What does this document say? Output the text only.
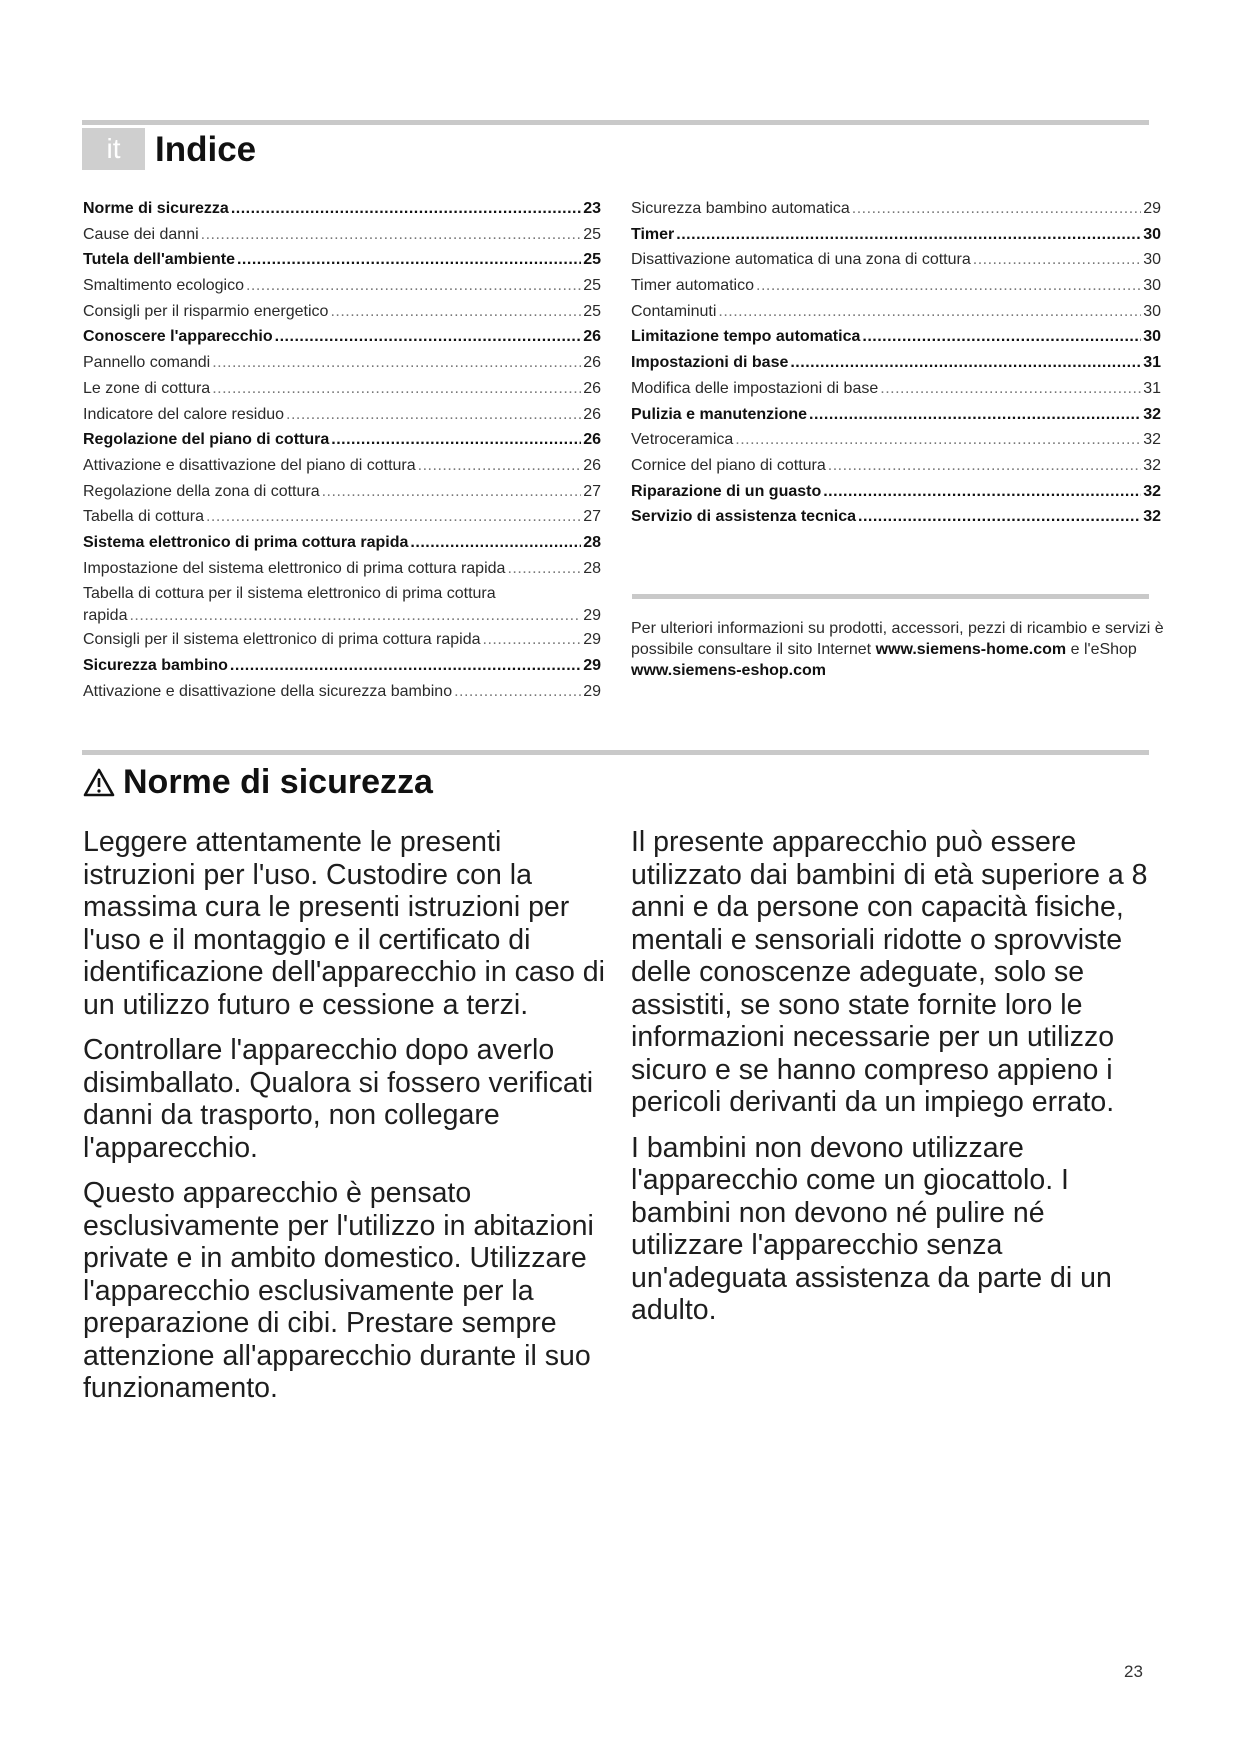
it Indice
Norme di sicurezza .....	23
Cause dei danni .....	25
Tutela dell'ambiente .....	25
Smaltimento ecologico .....	25
Consigli per il risparmio energetico .....	25
Conoscere l'apparecchio .....	26
Pannello comandi .....	26
Le zone di cottura .....	26
Indicatore del calore residuo .....	26
Regolazione del piano di cottura .....	26
Attivazione e disattivazione del piano di cottura .....	26
Regolazione della zona di cottura .....	27
Tabella di cottura .....	27
Sistema elettronico di prima cottura rapida .....	28
Impostazione del sistema elettronico di prima cottura rapida .....	28
Tabella di cottura per il sistema elettronico di prima cottura
rapida .....	29
Consigli per il sistema elettronico di prima cottura rapida .....	29
Sicurezza bambino .....	29
Attivazione e disattivazione della sicurezza bambino .....	29
Sicurezza bambino automatica .....	29
Timer .....	30
Disattivazione automatica di una zona di cottura .....	30
Timer automatico .....	30
Contaminuti .....	30
Limitazione tempo automatica .....	30
Impostazioni di base .....	31
Modifica delle impostazioni di base .....	31
Pulizia e manutenzione .....	32
Vetroceramica .....	32
Cornice del piano di cottura .....	32
Riparazione di un guasto .....	32
Servizio di assistenza tecnica .....	32
Per ulteriori informazioni su prodotti, accessori, pezzi di ricambio e servizi è possibile consultare il sito Internet www.siemens-home.com e l'eShop www.siemens-eshop.com
Norme di sicurezza

Leggere attentamente le presenti istruzioni per l'uso. Custodire con la massima cura le presenti istruzioni per l'uso e il montaggio e il certificato di identificazione dell'apparecchio in caso di un utilizzo futuro e cessione a terzi.

Controllare l'apparecchio dopo averlo disimballato. Qualora si fossero verificati danni da trasporto, non collegare l'apparecchio.

Questo apparecchio è pensato esclusivamente per l'utilizzo in abitazioni private e in ambito domestico. Utilizzare l'apparecchio esclusivamente per la preparazione di cibi. Prestare sempre attenzione all'apparecchio durante il suo funzionamento.

Il presente apparecchio può essere utilizzato dai bambini di età superiore a 8 anni e da persone con capacità fisiche, mentali e sensoriali ridotte o sprovviste delle conoscenze adeguate, solo se assistiti, se sono state fornite loro le informazioni necessarie per un utilizzo sicuro e se hanno compreso appieno i pericoli derivanti da un impiego errato.

I bambini non devono utilizzare l'apparecchio come un giocattolo. I bambini non devono né pulire né utilizzare l'apparecchio senza un'adeguata assistenza da parte di un adulto.

23
